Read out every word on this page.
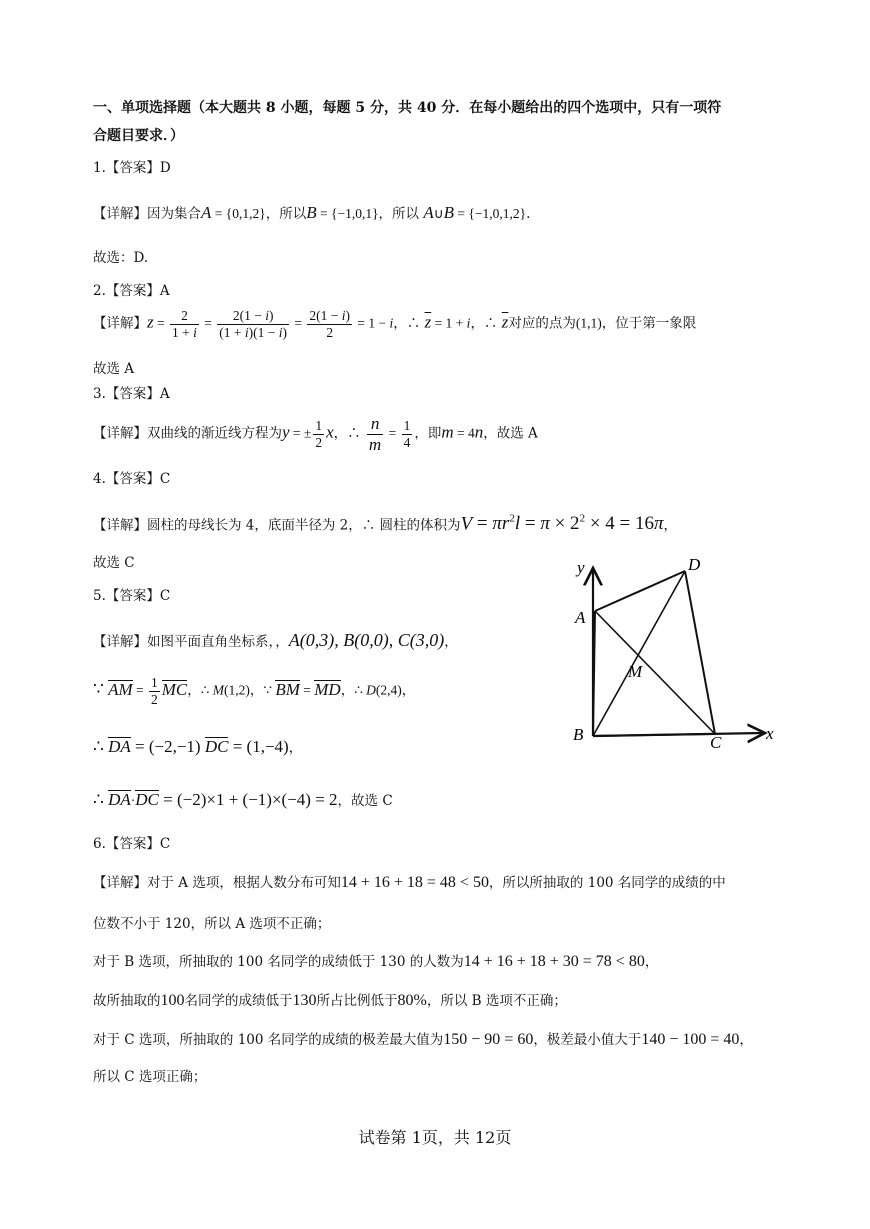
一、单项选择题（本大题共 8 小题，每题 5 分，共 40 分．在每小题给出的四个选项中，只有一项符
合题目要求．）
1.【答案】D
【详解】因为集合A = {0,1,2}，所以B = {−1,0,1}，所以 A∪B = {−1,0,1,2}.
故选：D.
2.【答案】A
【详解】$z = \frac{2}{1 + i} = \frac{2(1 - i)}{(1 + i)(1 - i)} = \frac{2(1 - i)}{2} = 1 - i$，∴ $\overline{z} = 1 + i$，∴ $\overline{z}$对应的点为(1,1)，位于第一象限
故选 A
3.【答案】A
【详解】双曲线的渐近线方程为y = ± $\frac{1}{2}$ x，∴ $\frac{n}{m} = \frac{1}{4}$ ，即m = 4n，故选 A
4.【答案】C
【详解】圆柱的母线长为 4，底面半径为 2，∴ 圆柱的体积为$V = \pi r^2l = \pi \times 2^2 \times 4 = 16\pi$，
故选 C
5.【答案】C
【详解】如图平面直角坐标系，，A(0,3), B(0,0), C(3,0)，
∵ AM = $\frac{1}{2}$ MC，∴ M(1,2)，∵ BM = MD，∴ D(2,4)，
∴ DA = (−2,−1) DC = (1,−4)，
∴ DA·DC = (−2)×1 + (−1)×(−4) = 2，故选 C
y
x
A
B	C
D
M
6.【答案】C
【详解】对于 A 选项，根据人数分布可知14 + 16 + 18 = 48 < 50，所以所抽取的 100 名同学的成绩的中
位数不小于 120，所以 A 选项不正确；
对于 B 选项，所抽取的 100 名同学的成绩低于 130 的人数为14 + 16 + 18 + 30 = 78 < 80，
故所抽取的100名同学的成绩低于130所占比例低于80%，所以 B 选项不正确；
对于 C 选项，所抽取的 100 名同学的成绩的极差最大值为150 − 90 = 60，极差最小值大于140 − 100 = 40，
所以 C 选项正确；
试卷第 1页，共 12页
